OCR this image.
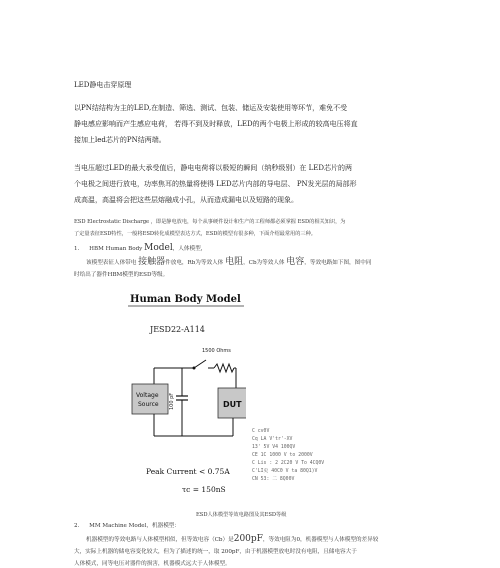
LED静电击穿原理
以PN结结构为主的LED,在制造、筛选、测试、包装、储运及安装使用等环节，难免不受
静电感应影响而产生感应电荷， 若得不到及时释放，LED的两个电极上形成的较高电压将直
接加上led芯片的PN结两端。
当电压超过LED的最大承受值后，静电电荷将以极短的瞬间（纳秒级别）在 LED芯片的两
个电极之间进行放电，功率焦耳的热量将使得 LED芯片内部的导电层、 PN发光层的局部形
成高温，高温将会把这些层熔融成小孔，从而造成漏电以及短路的现象。
ESD Electrostatic Discharge ，即是静电放电，每个从事硬件设计和生产的工程师都必须掌握 ESD的相关知识，为
了定量表征ESD特性，一般将ESD转化成模型表达方式，ESD的模型有很多种，下面介绍最常用的三种。
1. HBM Human Body Model，人体模型，
该模型表征人体带电 接触器件放电，Rb为等效人体 电阻，Cb为等效人体 电容，等效电路如下图，图中同
时给出了器件HBM模型的ESD等级。
Human Body Model
JESD22-A114
1500 Ohms
100 pF
Voltage
Source	DUT
Peak Current < 0.75A
τc = 150nS
C cv0V
Cq LA V'tr'-XV
13' 5V V4 100QV
CE 1C 1000 V to 2000V
C Lis : 2 2C20 V To 4CQ0V
C'LI史 40C0 V ta 80Q1)V
CN 53: 二 8Q00V
ESD人体模型等效电路图及其ESD等级
2. MM Machine Model，机器模型：
机器模型的等效电路与人体模型相似，但等效电容（Cb）是200pF，等效电阻为0，机器模型与人体模型的差异较
大，实际上机器的储电容变化较大，但为了描述的统一，取 200pF，由于机器模型放电时没有电阻，且储电容大于
人体模式，同等电压对器件的损害，机器模式远大于人体模型。
